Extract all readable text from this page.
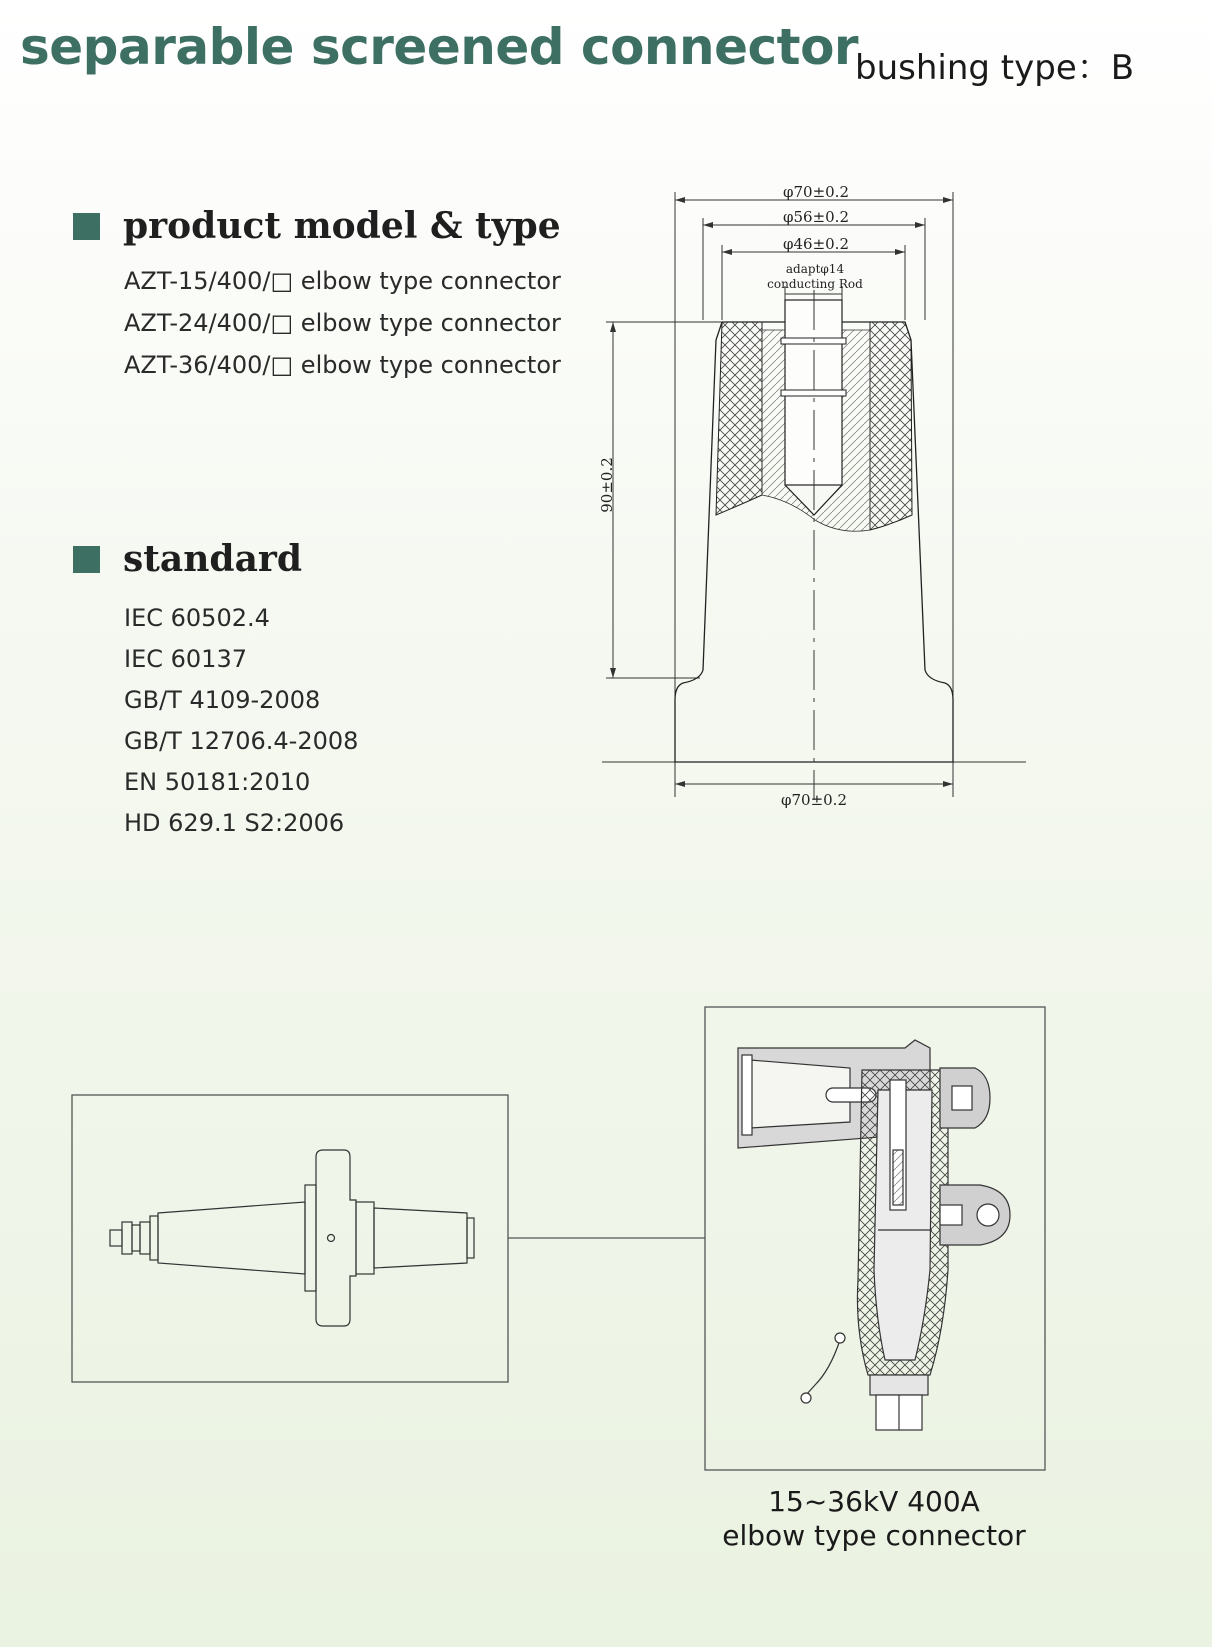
separable screened connector
bushing type：B
product model & type
AZT-15/400/□ elbow type connector
AZT-24/400/□ elbow type connector
AZT-36/400/□ elbow type connector
standard
IEC 60502.4
IEC 60137
GB/T 4109-2008
GB/T 12706.4-2008
EN 50181:2010
HD 629.1 S2:2006
φ70±0.2
φ56±0.2
φ46±0.2
adaptφ14
conducting Rod
90±0.2
φ70±0.2
15~36kV 400A
elbow type connector
